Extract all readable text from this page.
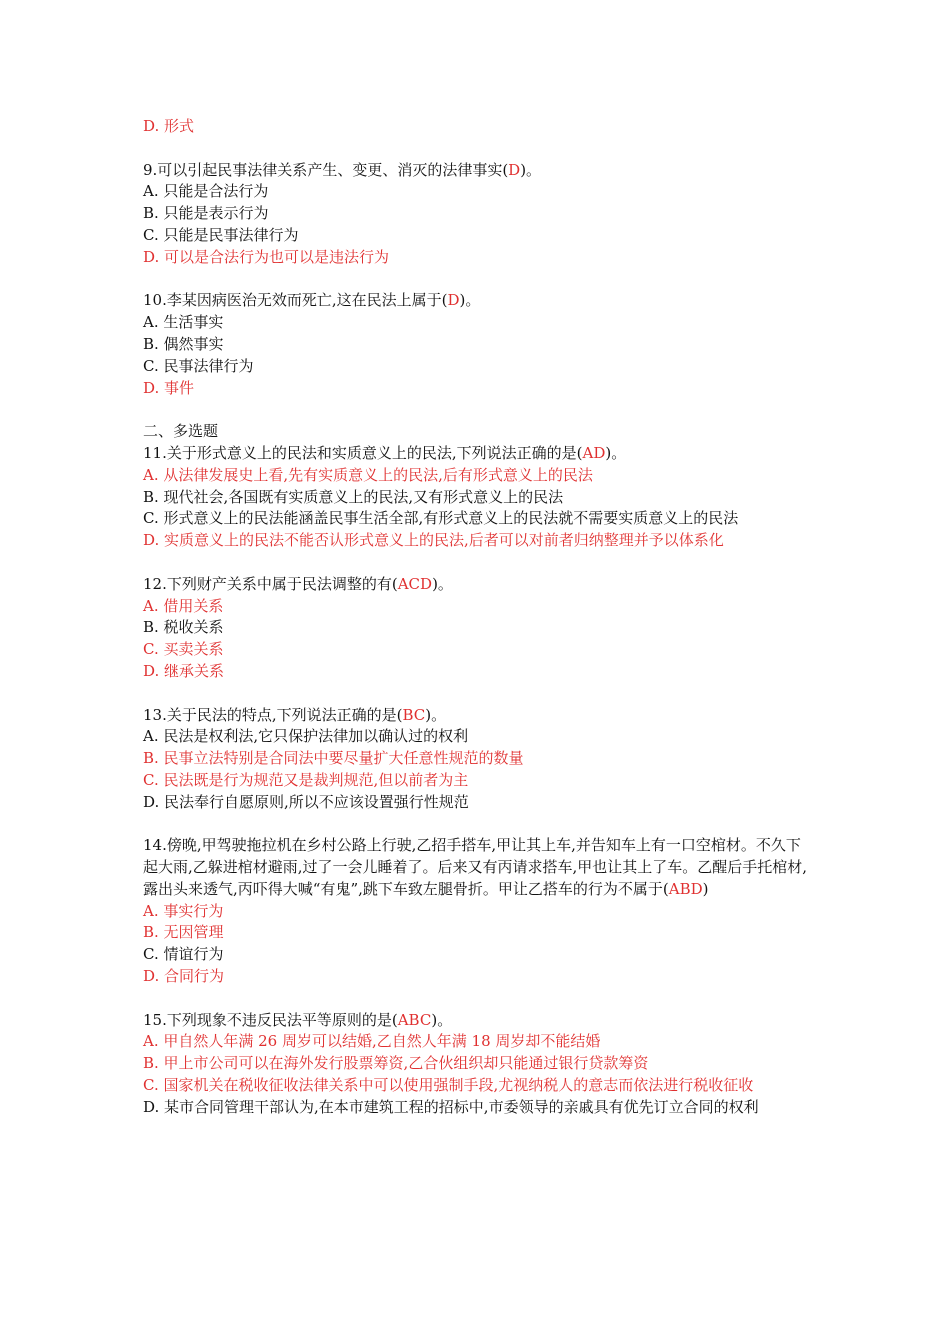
D. 形式
9.可以引起民事法律关系产生、变更、消灭的法律事实(D)。
A. 只能是合法行为
B. 只能是表示行为
C. 只能是民事法律行为
D. 可以是合法行为也可以是违法行为
10.李某因病医治无效而死亡,这在民法上属于(D)。
A. 生活事实
B. 偶然事实
C. 民事法律行为
D. 事件
二、多选题
11.关于形式意义上的民法和实质意义上的民法,下列说法正确的是(AD)。
A. 从法律发展史上看,先有实质意义上的民法,后有形式意义上的民法
B. 现代社会,各国既有实质意义上的民法,又有形式意义上的民法
C. 形式意义上的民法能涵盖民事生活全部,有形式意义上的民法就不需要实质意义上的民法
D. 实质意义上的民法不能否认形式意义上的民法,后者可以对前者归纳整理并予以体系化
12.下列财产关系中属于民法调整的有(ACD)。
A. 借用关系
B. 税收关系
C. 买卖关系
D. 继承关系
13.关于民法的特点,下列说法正确的是(BC)。
A. 民法是权利法,它只保护法律加以确认过的权利
B. 民事立法特别是合同法中要尽量扩大任意性规范的数量
C. 民法既是行为规范又是裁判规范,但以前者为主
D. 民法奉行自愿原则,所以不应该设置强行性规范
14.傍晚,甲驾驶拖拉机在乡村公路上行驶,乙招手搭车,甲让其上车,并告知车上有一口空棺材。不久下起大雨,乙躲进棺材避雨,过了一会儿睡着了。后来又有丙请求搭车,甲也让其上了车。乙醒后手托棺材,露出头来透气,丙吓得大喊“有鬼”,跳下车致左腿骨折。甲让乙搭车的行为不属于(ABD)
A. 事实行为
B. 无因管理
C. 情谊行为
D. 合同行为
15.下列现象不违反民法平等原则的是(ABC)。
A. 甲自然人年满 26 周岁可以结婚,乙自然人年满 18 周岁却不能结婚
B. 甲上市公司可以在海外发行股票筹资,乙合伙组织却只能通过银行贷款筹资
C. 国家机关在税收征收法律关系中可以使用强制手段,尤视纳税人的意志而依法进行税收征收
D. 某市合同管理干部认为,在本市建筑工程的招标中,市委领导的亲戚具有优先订立合同的权利
